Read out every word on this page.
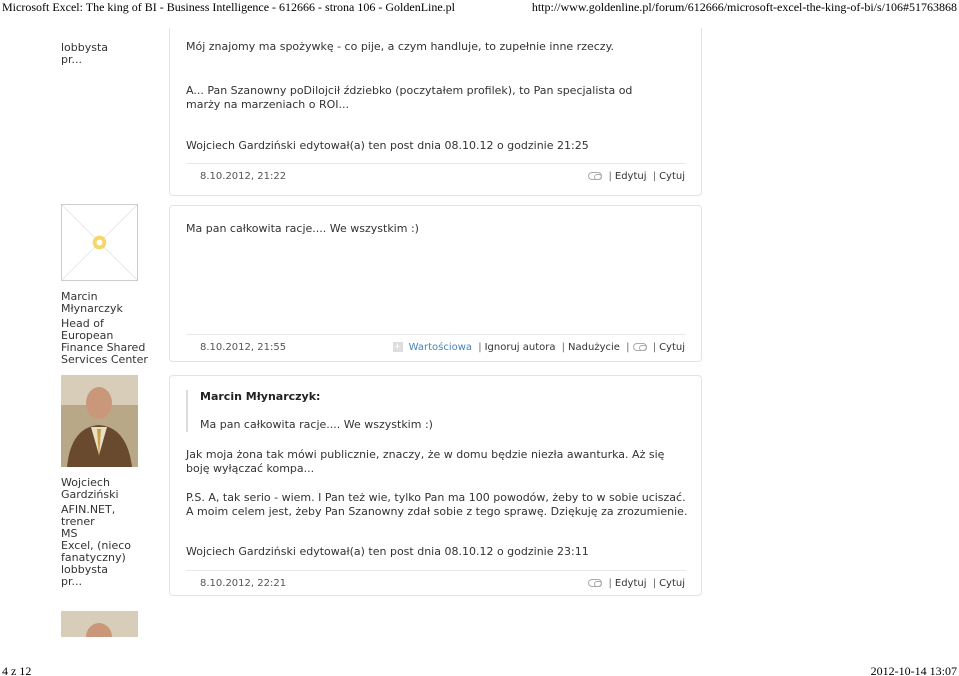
Microsoft Excel: The king of BI - Business Intelligence - 612666 - strona 106 - GoldenLine.pl	http://www.goldenline.pl/forum/612666/microsoft-excel-the-king-of-bi/s/106#51763868
lobbysta
pr...
Mój znajomy ma spożywkę - co pije, a czym handluje, to zupełnie inne rzeczy.
A... Pan Szanowny poDilojcił ździebko (poczytałem profilek), to Pan specjalista od marży na marzeniach o ROI...
Wojciech Gardziński edytował(a) ten post dnia 08.10.12 o godzinie 21:25
8.10.2012, 21:22	| Edytuj | Cytuj
Marcin
Młynarczyk
Head of European
Finance Shared
Services Center
Ma pan całkowita racje.... We wszystkim :)
8.10.2012, 21:55	+ Wartościowa | Ignoruj autora | Nadużycie | | Cytuj
Wojciech
Gardziński
AFIN.NET, trener
MS
Excel, (nieco
fanatyczny)
lobbysta
pr...
Marcin Młynarczyk:
Ma pan całkowita racje.... We wszystkim :)
Jak moja żona tak mówi publicznie, znaczy, że w domu będzie niezła awanturka. Aż się boję wyłączać kompa...
P.S. A, tak serio - wiem. I Pan też wie, tylko Pan ma 100 powodów, żeby to w sobie uciszać. A moim celem jest, żeby Pan Szanowny zdał sobie z tego sprawę. Dziękuję za zrozumienie.
Wojciech Gardziński edytował(a) ten post dnia 08.10.12 o godzinie 23:11
8.10.2012, 22:21	| Edytuj | Cytuj
4 z 12	2012-10-14 13:07
